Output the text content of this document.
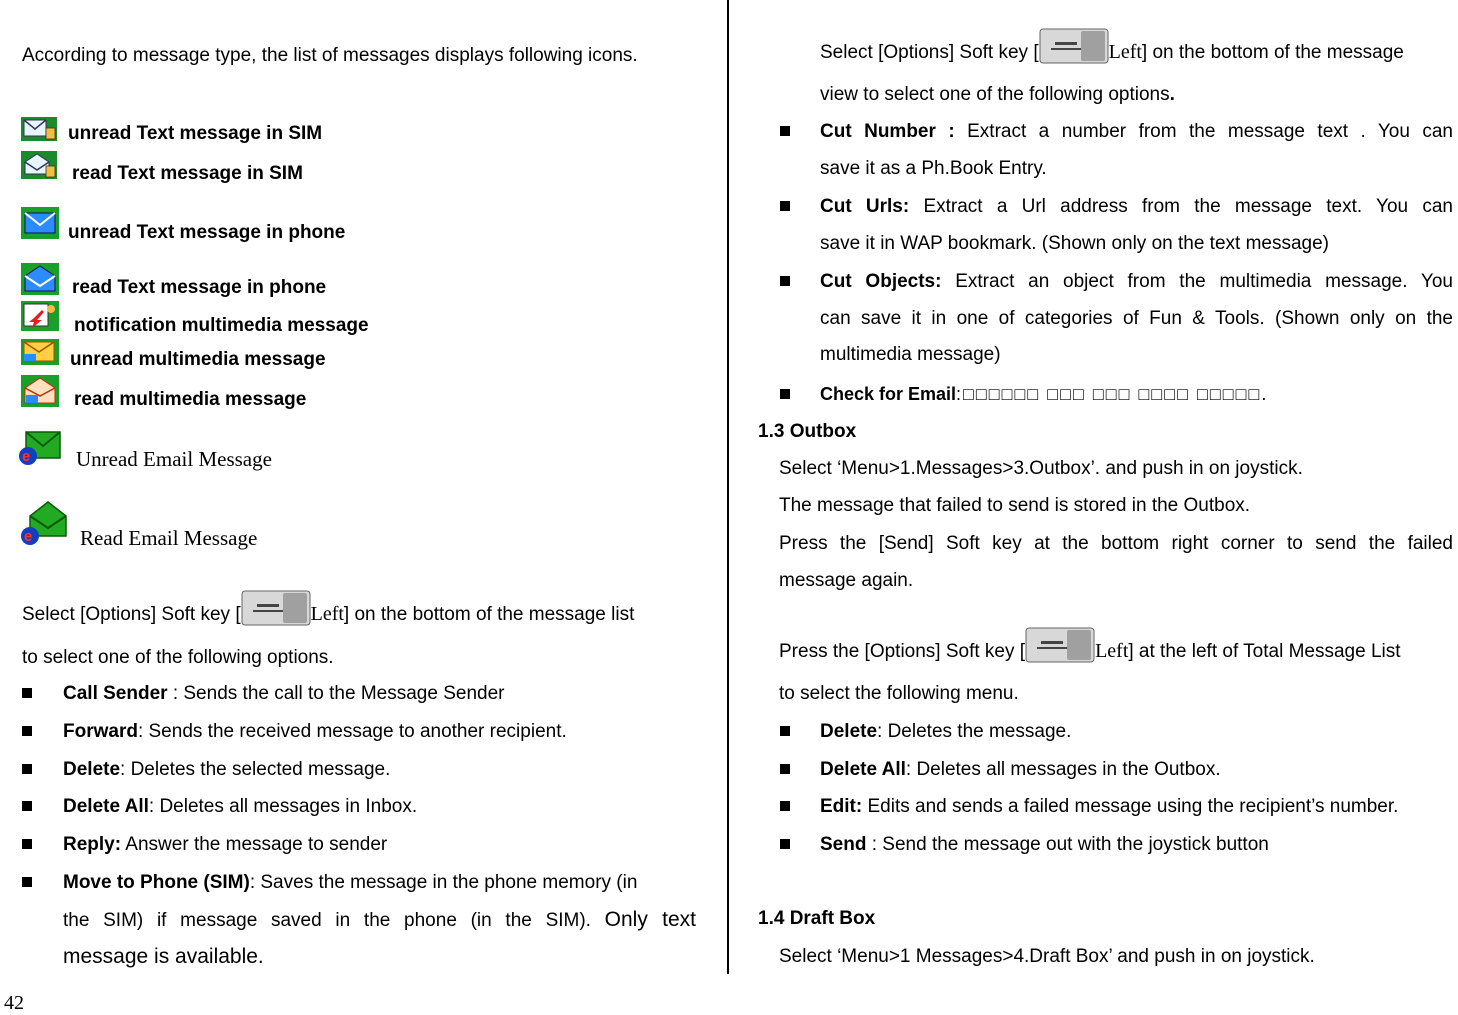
According to message type, the list of messages displays following icons.
unread Text message in SIM
read Text message in SIM
unread Text message in phone
read Text message in phone
notification multimedia message
unread multimedia message
read multimedia message
e Unread Email Message
e Read Email Message
Select [Options] Soft key [	Left] on the bottom of the message list
to select one of the following options.
Call Sender : Sends the call to the Message Sender
Forward: Sends the received message to another recipient.
Delete: Deletes the selected message.
Delete All: Deletes all messages in Inbox.
Reply: Answer the message to sender
Move to Phone (SIM): Saves the message in the phone memory (in
the SIM) if message saved in the phone (in the SIM). Only text
message is available.
Select [Options] Soft key [	Left] on the bottom of the message
view to select one of the following options.
Cut Number : Extract a number from the message text . You can
save it as a Ph.Book Entry.
Cut Urls: Extract a Url address from the message text. You can
save it in WAP bookmark. (Shown only on the text message)
Cut Objects: Extract an object from the multimedia message. You
can save it in one of categories of Fun & Tools. (Shown only on the
multimedia message)
Check for Email:□□□□□□ □□□ □□□ □□□□ □□□□□.
1.3 Outbox
Select ‘Menu>1.Messages>3.Outbox’. and push in on joystick.
The message that failed to send is stored in the Outbox.
Press the [Send] Soft key at the bottom right corner to send the failed
message again.
Press the [Options] Soft key [	Left] at the left of Total Message List
to select the following menu.
Delete: Deletes the message.
Delete All: Deletes all messages in the Outbox.
Edit: Edits and sends a failed message using the recipient’s number.
Send : Send the message out with the joystick button
1.4 Draft Box
Select ‘Menu>1 Messages>4.Draft Box’ and push in on joystick.
42
